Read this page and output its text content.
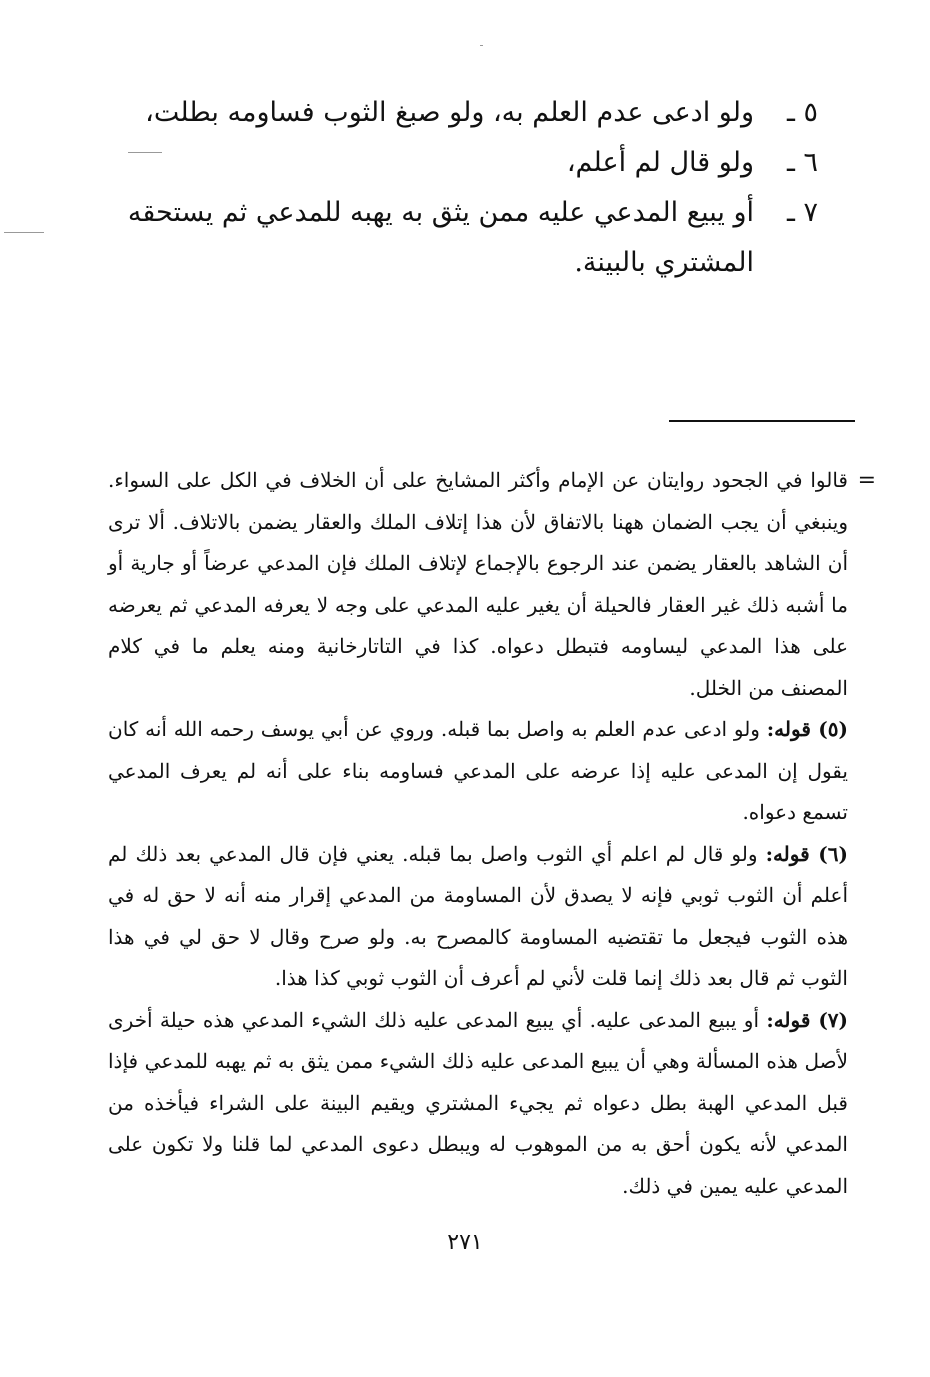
٥ ـ
ولو ادعى عدم العلم به، ولو صبغ الثوب فساومه بطلت،
٦ ـ
ولو قال لم أعلم،
٧ ـ
أو يبيع المدعي عليه ممن يثق به يهبه للمدعي ثم يستحقه المشتري بالبينة.
=

قالوا في الجحود روايتان عن الإمام وأكثر المشايخ على أن الخلاف في الكل على السواء. وينبغي أن يجب الضمان ههنا بالاتفاق لأن هذا إتلاف الملك والعقار يضمن بالاتلاف. ألا ترى أن الشاهد بالعقار يضمن عند الرجوع بالإجماع لإتلاف الملك فإن المدعي عرضاً أو جارية أو ما أشبه ذلك غير العقار فالحيلة أن يغير عليه المدعي على وجه لا يعرفه المدعي ثم يعرضه على هذا المدعي ليساومه فتبطل دعواه. كذا في التاتارخانية ومنه يعلم ما في كلام المصنف من الخلل.

(٥) قوله: ولو ادعى عدم العلم به واصل بما قبله. وروي عن أبي يوسف رحمه الله أنه كان يقول إن المدعى عليه إذا عرضه على المدعي فساومه بناء على أنه لم يعرف المدعي تسمع دعواه.

(٦) قوله: ولو قال لم اعلم أي الثوب واصل بما قبله. يعني فإن قال المدعي بعد ذلك لم أعلم أن الثوب ثوبي فإنه لا يصدق لأن المساومة من المدعي إقرار منه أنه لا حق له في هذه الثوب فيجعل ما تقتضيه المساومة كالمصرح به. ولو صرح وقال لا حق لي في هذا الثوب ثم قال بعد ذلك إنما قلت لأني لم أعرف أن الثوب ثوبي كذا هذا.

(٧) قوله: أو يبيع المدعى عليه. أي يبيع المدعى عليه ذلك الشيء المدعي هذه حيلة أخرى لأصل هذه المسألة وهي أن يبيع المدعى عليه ذلك الشيء ممن يثق به ثم يهبه للمدعي فإذا قبل المدعي الهبة بطل دعواه ثم يجيء المشتري ويقيم البينة على الشراء فيأخذه من المدعي لأنه يكون أحق به من الموهوب له ويبطل دعوى المدعي لما قلنا ولا تكون على المدعي عليه يمين في ذلك.

٢٧١
